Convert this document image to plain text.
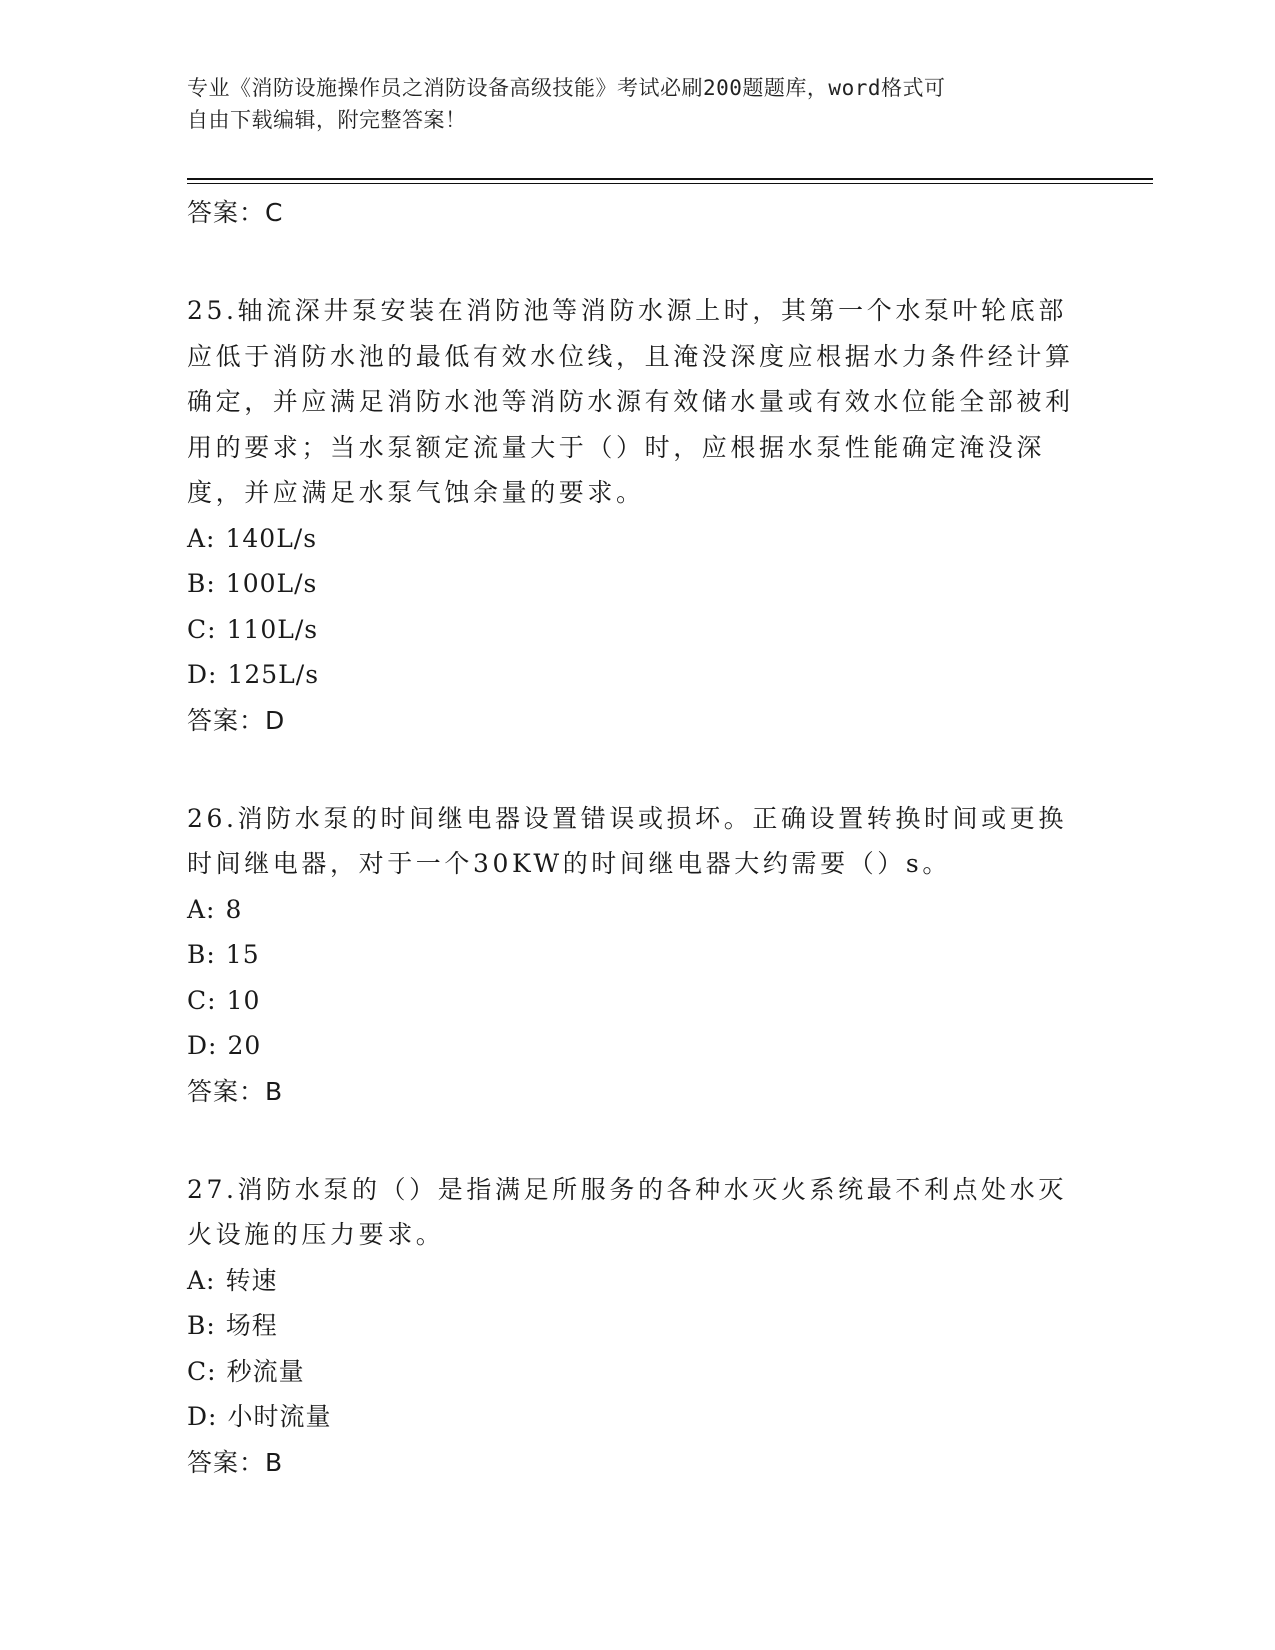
专业《消防设施操作员之消防设备高级技能》考试必刷200题题库，word格式可
自由下载编辑，附完整答案！
答案：C

25.轴流深井泵安装在消防池等消防水源上时，其第一个水泵叶轮底部应低于消防水池的最低有效水位线，且淹没深度应根据水力条件经计算确定，并应满足消防水池等消防水源有效储水量或有效水位能全部被利用的要求；当水泵额定流量大于（）时，应根据水泵性能确定淹没深度，并应满足水泵气蚀余量的要求。

A: 140L/s
B: 100L/s
C: 110L/s
D: 125L/s
答案：D

26.消防水泵的时间继电器设置错误或损坏。正确设置转换时间或更换时间继电器，对于一个30KW的时间继电器大约需要（）s。

A: 8
B: 15
C: 10
D: 20
答案：B

27.消防水泵的（）是指满足所服务的各种水灭火系统最不利点处水灭火设施的压力要求。

A: 转速
B: 场程
C: 秒流量
D: 小时流量
答案：B
